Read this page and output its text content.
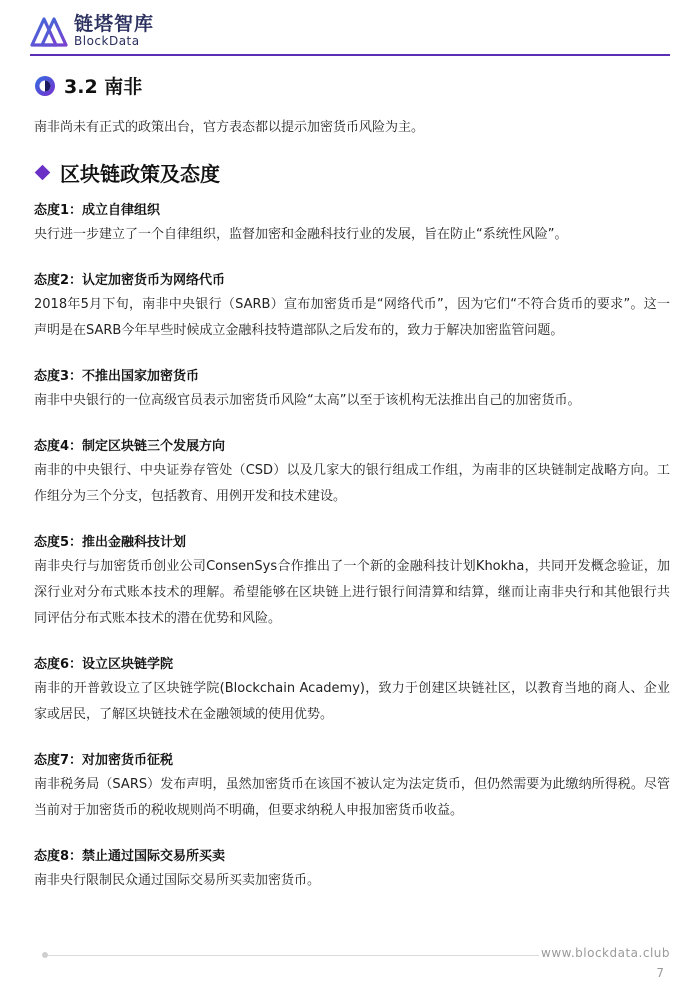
链塔智库
BlockData
3.2 南非
南非尚未有正式的政策出台，官方表态都以提示加密货币风险为主。
区块链政策及态度
态度1：成立自律组织
央行进一步建立了一个自律组织，监督加密和金融科技行业的发展，旨在防止“系统性风险”。
态度2：认定加密货币为网络代币
2018年5月下旬，南非中央银行（SARB）宣布加密货币是“网络代币”，因为它们“不符合货币的要求”。这一声明是在SARB今年早些时候成立金融科技特遣部队之后发布的，致力于解决加密监管问题。
态度3：不推出国家加密货币
南非中央银行的一位高级官员表示加密货币风险“太高”以至于该机构无法推出自己的加密货币。
态度4：制定区块链三个发展方向
南非的中央银行、中央证券存管处（CSD）以及几家大的银行组成工作组，为南非的区块链制定战略方向。工作组分为三个分支，包括教育、用例开发和技术建设。
态度5：推出金融科技计划
南非央行与加密货币创业公司ConsenSys合作推出了一个新的金融科技计划Khokha，共同开发概念验证，加深行业对分布式账本技术的理解。希望能够在区块链上进行银行间清算和结算，继而让南非央行和其他银行共同评估分布式账本技术的潜在优势和风险。
态度6：设立区块链学院
南非的开普敦设立了区块链学院(Blockchain Academy)，致力于创建区块链社区，以教育当地的商人、企业家或居民，了解区块链技术在金融领域的使用优势。
态度7：对加密货币征税
南非税务局（SARS）发布声明，虽然加密货币在该国不被认定为法定货币，但仍然需要为此缴纳所得税。尽管当前对于加密货币的税收规则尚不明确，但要求纳税人申报加密货币收益。
态度8：禁止通过国际交易所买卖
南非央行限制民众通过国际交易所买卖加密货币。
www.blockdata.club
7
